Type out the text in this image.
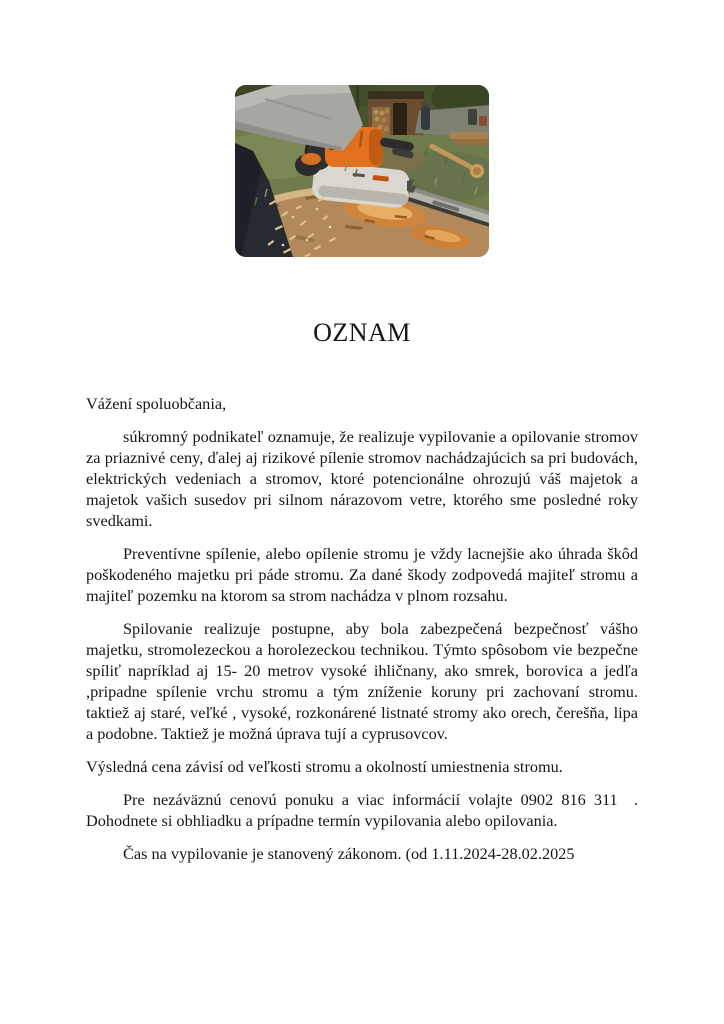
OZNAM

Vážení spoluobčania,

súkromný podnikateľ oznamuje, že realizuje vypilovanie a opilovanie stromov za priaznivé ceny, ďalej aj rizikové pílenie stromov nachádzajúcich sa pri budovách, elektrických vedeniach a stromov, ktoré potencionálne ohrozujú váš majetok a majetok vašich susedov pri silnom nárazovom vetre, ktorého sme posledné roky svedkami.

Preventívne spílenie, alebo opílenie stromu je vždy lacnejšie ako úhrada škôd poškodeného majetku pri páde stromu. Za dané škody zodpovedá majiteľ stromu a majiteľ pozemku na ktorom sa strom nachádza v plnom rozsahu.

Spilovanie realizuje postupne, aby bola zabezpečená bezpečnosť vášho majetku, stromolezeckou a horolezeckou technikou. Týmto spôsobom vie bezpečne  spíliť napríklad aj 15- 20 metrov vysoké ihličnany, ako smrek, borovica a jedľa ,pripadne spílenie vrchu stromu a tým zníženie koruny pri zachovaní stromu.  taktiež aj staré, veľké , vysoké, rozkonárené listnaté stromy ako orech, čerešňa, lipa a podobne. Taktiež je možná úprava tují a cyprusovcov.

Výsledná cena závisí od veľkosti stromu a okolností umiestnenia stromu.

Pre nezáväznú cenovú ponuku a viac informácií volajte 0902 816 311  . Dohodnete si obhliadku a prípadne termín vypilovania alebo opilovania.

Čas na vypilovanie je stanovený zákonom. (od 1.11.2024-28.02.2025
